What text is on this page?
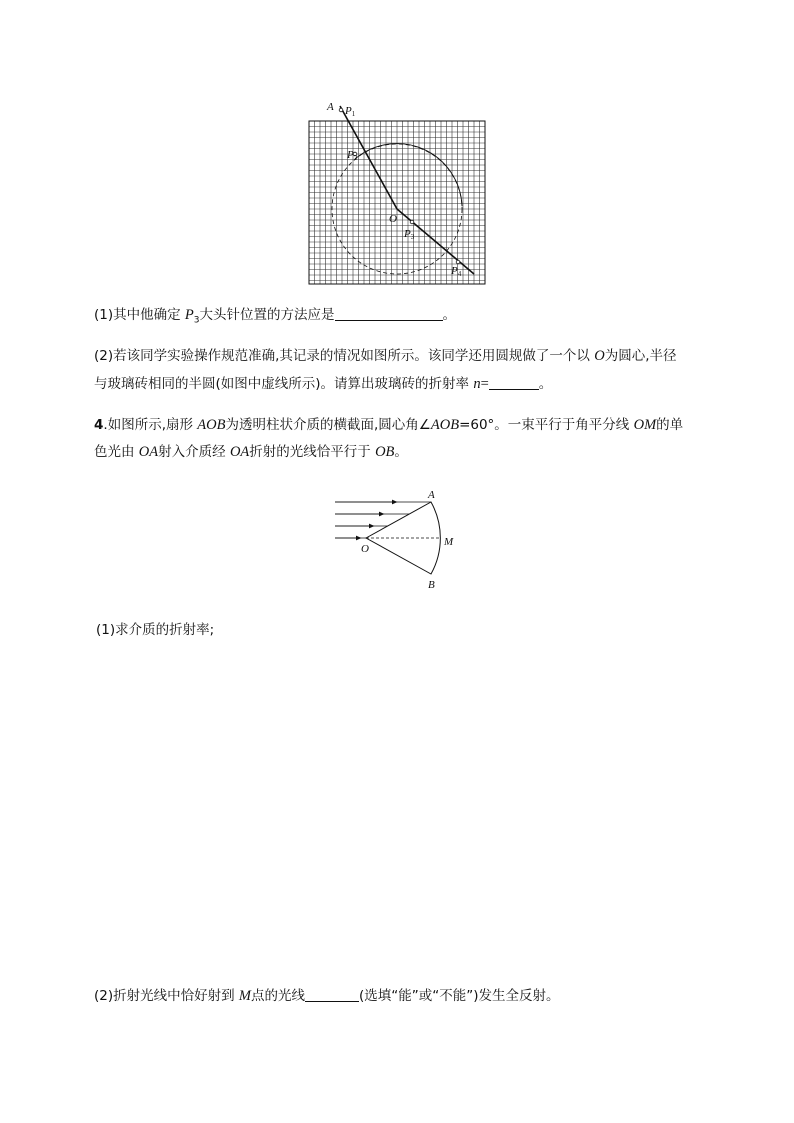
A P1
P2
O
P3
P4
(1)其中他确定 $P_3$大头针位置的方法应是	。
(2)若该同学实验操作规范准确,其记录的情况如图所示。该同学还用圆规做了一个以 O为圆心,半径
与玻璃砖相同的半圆(如图中虚线所示)。请算出玻璃砖的折射率 n=	。
4.如图所示,扇形 AOB为透明柱状介质的横截面,圆心角∠AOB=60°。一束平行于角平分线 OM的单
色光由 OA射入介质经 OA折射的光线恰平行于 OB。
A
O
M
B
(1)求介质的折射率;
(2)折射光线中恰好射到 M点的光线	(选填“能”或“不能”)发生全反射。
